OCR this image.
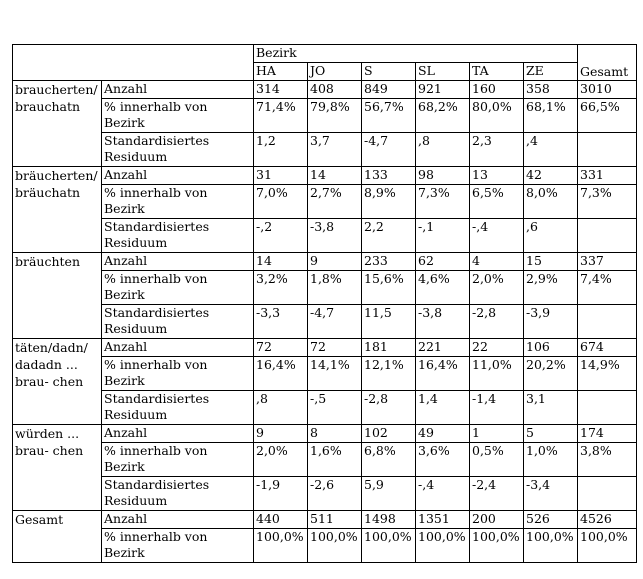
		Bezirk						Gesamt
		HA	JO	S	SL	TA	ZE	
braucherten/ brauchatn	Anzahl	314	408	849	921	160	358	3010
	% innerhalb von Bezirk	71,4%	79,8%	56,7%	68,2%	80,0%	68,1%	66,5%
	Standardisiertes Residuum	1,2	3,7	-4,7	,8	2,3	,4	
bräucherten/ bräuchatn	Anzahl	31	14	133	98	13	42	331
	% innerhalb von Bezirk	7,0%	2,7%	8,9%	7,3%	6,5%	8,0%	7,3%
	Standardisiertes Residuum	-,2	-3,8	2,2	-,1	-,4	,6	
bräuchten	Anzahl	14	9	233	62	4	15	337
	% innerhalb von Bezirk	3,2%	1,8%	15,6%	4,6%	2,0%	2,9%	7,4%
	Standardisiertes Residuum	-3,3	-4,7	11,5	-3,8	-2,8	-3,9	
täten/dadn/ dadadn ... brau- chen	Anzahl	72	72	181	221	22	106	674
	% innerhalb von Bezirk	16,4%	14,1%	12,1%	16,4%	11,0%	20,2%	14,9%
	Standardisiertes Residuum	,8	-,5	-2,8	1,4	-1,4	3,1	
würden ... brau- chen	Anzahl	9	8	102	49	1	5	174
	% innerhalb von Bezirk	2,0%	1,6%	6,8%	3,6%	0,5%	1,0%	3,8%
	Standardisiertes Residuum	-1,9	-2,6	5,9	-,4	-2,4	-3,4	
Gesamt	Anzahl	440	511	1498	1351	200	526	4526
	% innerhalb von Bezirk	100,0%	100,0%	100,0%	100,0%	100,0%	100,0%	100,0%
